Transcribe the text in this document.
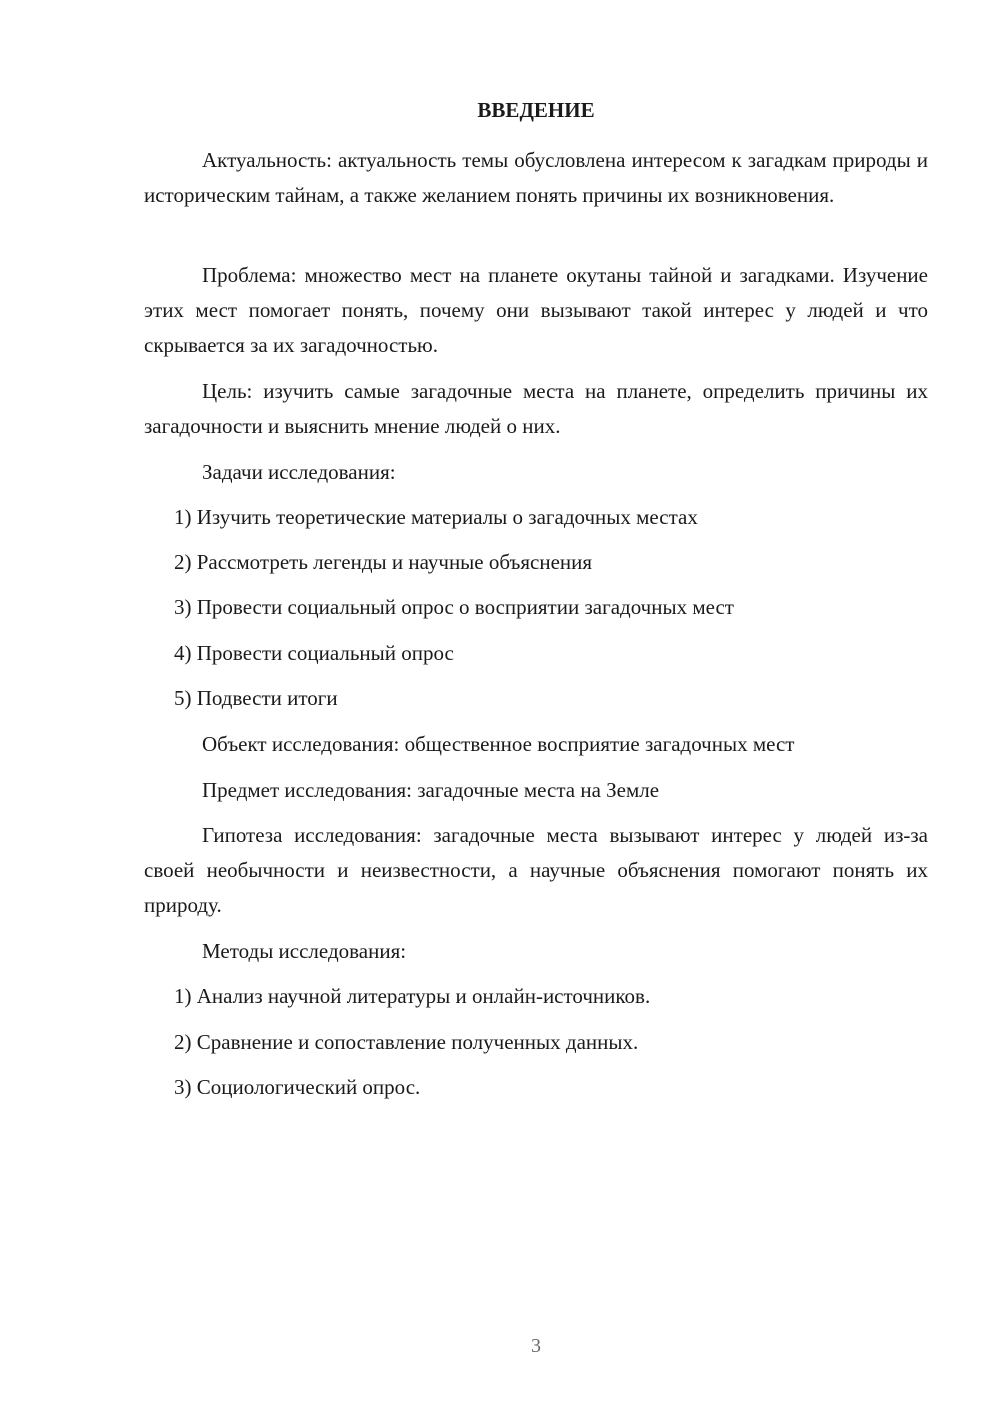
ВВЕДЕНИЕ

Актуальность: актуальность темы обусловлена интересом к загадкам природы и историческим тайнам, а также желанием понять причины их возникновения.

Проблема: множество мест на планете окутаны тайной и загадками. Изучение этих мест помогает понять, почему они вызывают такой интерес у людей и что скрывается за их загадочностью.

Цель: изучить самые загадочные места на планете, определить причины их загадочности и выяснить мнение людей о них.

Задачи исследования:

1) Изучить теоретические материалы о загадочных местах

2) Рассмотреть легенды и научные объяснения

3) Провести социальный опрос о восприятии загадочных мест

4) Провести социальный опрос

5) Подвести итоги

Объект исследования: общественное восприятие загадочных мест

Предмет исследования: загадочные места на Земле

Гипотеза исследования: загадочные места вызывают интерес у людей из-за своей необычности и неизвестности, а научные объяснения помогают понять их природу.

Методы исследования:

1) Анализ научной литературы и онлайн-источников.

2) Сравнение и сопоставление полученных данных.

3) Социологический опрос.

3
